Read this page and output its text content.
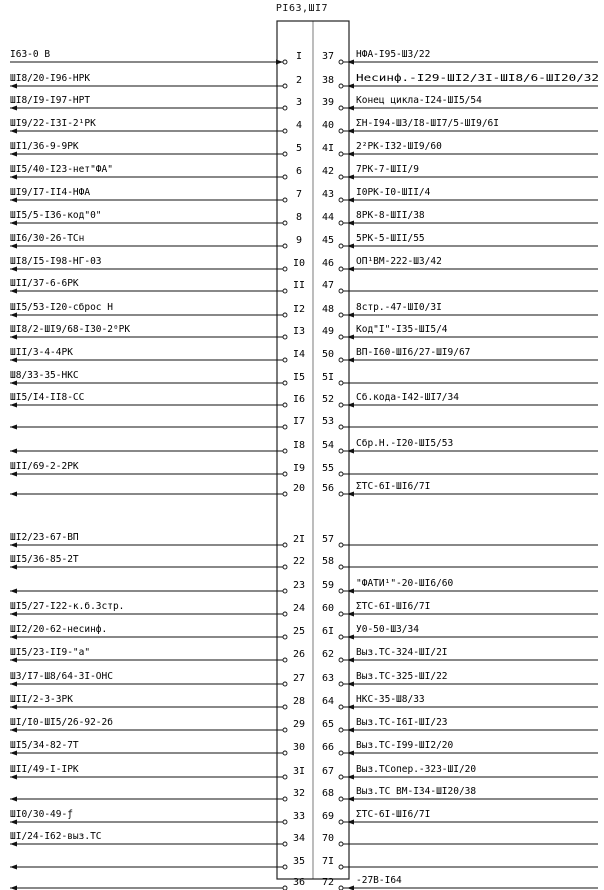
PI63,ШI7
I
I63-0 В
2
ШI8/20-I96-НРК
3
ШI8/I9-I97-НРТ
4
ШI9/22-I3I-2¹РК
5
ШI1/36-9-9РК
6
ШI5/40-I23-нет"ФА"
7
ШI9/I7-II4-НФА
8
ШI5/5-I36-код"0"
9
ШI6/30-26-ТСн
I0
ШI8/I5-I98-НГ-03
II
ШII/37-6-6РК
I2
ШI5/53-I20-сброс Н
I3
ШI8/2-ШI9/68-I30-2⁰РК
I4
ШII/3-4-4РК
I5
Ш8/33-35-НКС
I6
ШI5/I4-II8-СС
I7
I8
I9
ШII/69-2-2РК
20
2I
ШI2/23-67-ВП
22
ШI5/36-85-2Т
23
24
ШI5/27-I22-к.б.3стр.
25
ШI2/20-62-несинф.
26
ШI5/23-II9-"а"
27
Ш3/I7-Ш8/64-3I-ОНС
28
ШII/2-3-3РК
29
ШI/I0-ШI5/26-92-2б
30
ШI5/34-82-7Т
3I
ШII/49-I-IРК
32
33
ШI0/30-49-ƒ
34
ШI/24-I62-выз.ТС
35
36
37 НФА-I95-Ш3/22
38 Несинф.-I29-ШI2/3I-ШI8/6-ШI20/32
39 Конец цикла-I24-ШI5/54
40 ΣН-I94-Ш3/I8-ШI7/5-ШI9/6I
4I 2²РК-I32-ШI9/60
42 7РК-7-ШII/9
43 I0РК-I0-ШII/4
44 8РК-8-ШII/38
45 5РК-5-ШII/55
46 ОП¹ВМ-222-Ш3/42
47
48 8стр.-47-ШI0/3I
49 Код"I"-I35-ШI5/4
50 ВП-I60-ШI6/27-ШI9/67
5I
52 Сб.кода-I42-ШI7/34
53
54 Сбр.Н.-I20-ШI5/53
55
56 ΣТС-6I-ШI6/7I
57
58
59 "ФАТИ¹"-20-ШI6/60
60 ΣТС-6I-ШI6/7I
6I У0-50-Ш3/34
62 Выз.ТС-324-ШI/2I
63 Выз.ТС-325-ШI/22
64 НКС-35-Ш8/33
65 Выз.ТС-I6I-ШI/23
66 Выз.ТС-I99-ШI2/20
67 Выз.ТСопер.-323-ШI/20
68 Выз.ТС ВМ-I34-ШI20/38
69 ΣТС-6I-ШI6/7I
70
7I
72 -27В-I64
